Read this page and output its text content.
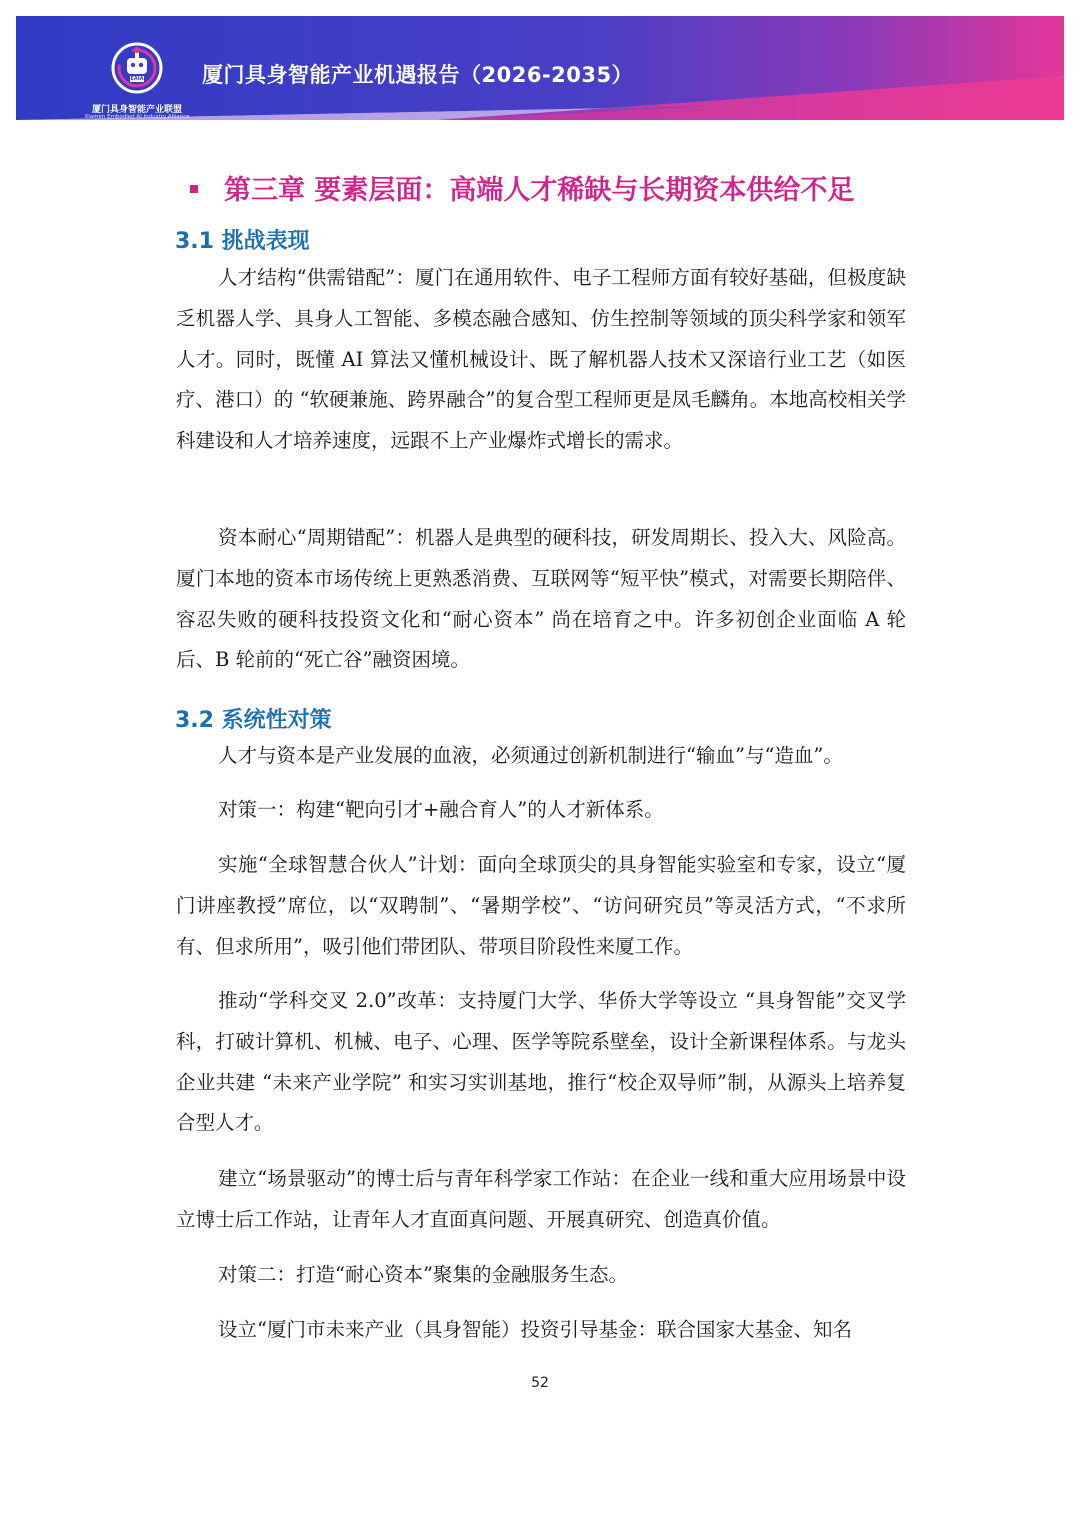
EAIA
厦门具身智能产业联盟
Xiamen Embodied AI Industry Alliance
厦门具身智能产业机遇报告（2026-2035）
第三章 要素层面：高端人才稀缺与长期资本供给不足
3.1 挑战表现

人才结构“供需错配”：厦门在通用软件、电子工程师方面有较好基础，但极度缺乏机器人学、具身人工智能、多模态融合感知、仿生控制等领域的顶尖科学家和领军人才。同时，既懂 AI 算法又懂机械设计、既了解机器人技术又深谙行业工艺（如医疗、港口）的 “软硬兼施、跨界融合”的复合型工程师更是凤毛麟角。本地高校相关学科建设和人才培养速度，远跟不上产业爆炸式增长的需求。

资本耐心“周期错配”：机器人是典型的硬科技，研发周期长、投入大、风险高。厦门本地的资本市场传统上更熟悉消费、互联网等“短平快”模式，对需要长期陪伴、容忍失败的硬科技投资文化和“耐心资本” 尚在培育之中。许多初创企业面临 A 轮后、B 轮前的“死亡谷”融资困境。

3.2 系统性对策

人才与资本是产业发展的血液，必须通过创新机制进行“输血”与“造血”。

对策一：构建“靶向引才+融合育人”的人才新体系。

实施“全球智慧合伙人”计划：面向全球顶尖的具身智能实验室和专家，设立“厦门讲座教授”席位，以“双聘制”、“暑期学校”、“访问研究员”等灵活方式，“不求所有、但求所用”，吸引他们带团队、带项目阶段性来厦工作。

推动“学科交叉 2.0”改革：支持厦门大学、华侨大学等设立 “具身智能”交叉学科，打破计算机、机械、电子、心理、医学等院系壁垒，设计全新课程体系。与龙头企业共建 “未来产业学院” 和实习实训基地，推行“校企双导师”制，从源头上培养复合型人才。

建立“场景驱动”的博士后与青年科学家工作站：在企业一线和重大应用场景中设立博士后工作站，让青年人才直面真问题、开展真研究、创造真价值。

对策二：打造“耐心资本”聚集的金融服务生态。

设立“厦门市未来产业（具身智能）投资引导基金：联合国家大基金、知名

52
